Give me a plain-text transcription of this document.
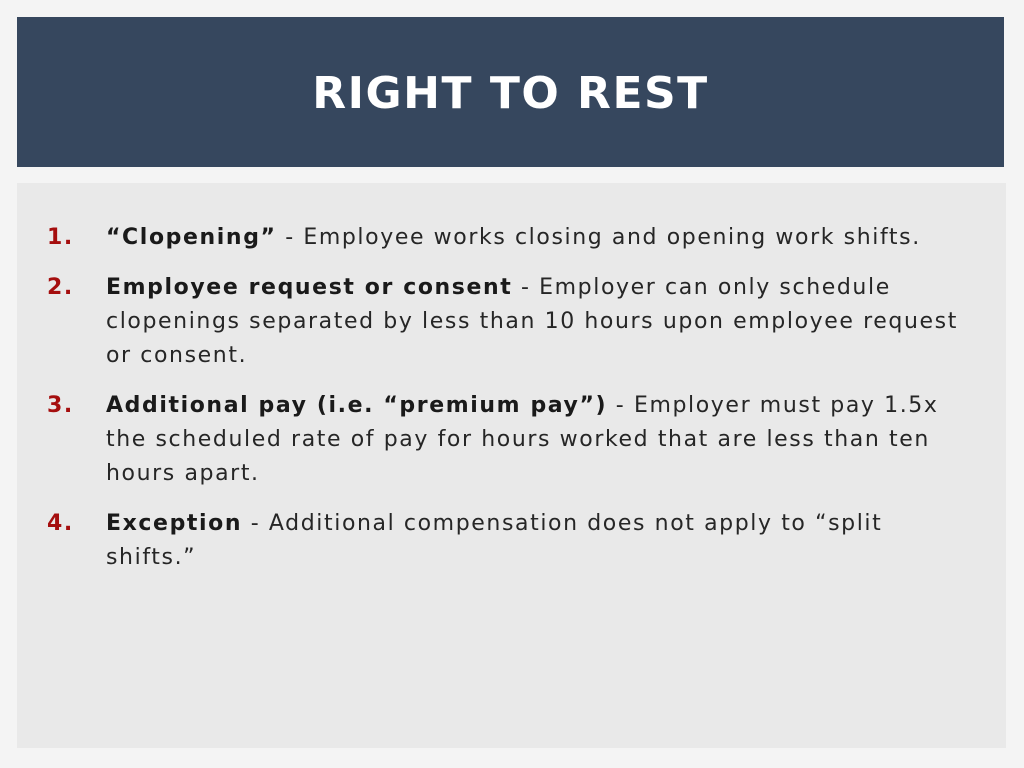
RIGHT TO REST
1. “Clopening” - Employee works closing and opening work shifts.
2. Employee request or consent - Employer can only schedule clopenings separated by less than 10 hours upon employee request or consent.
3. Additional pay (i.e. “premium pay”) - Employer must pay 1.5x the scheduled rate of pay for hours worked that are less than ten hours apart.
4. Exception - Additional compensation does not apply to “split shifts.”
